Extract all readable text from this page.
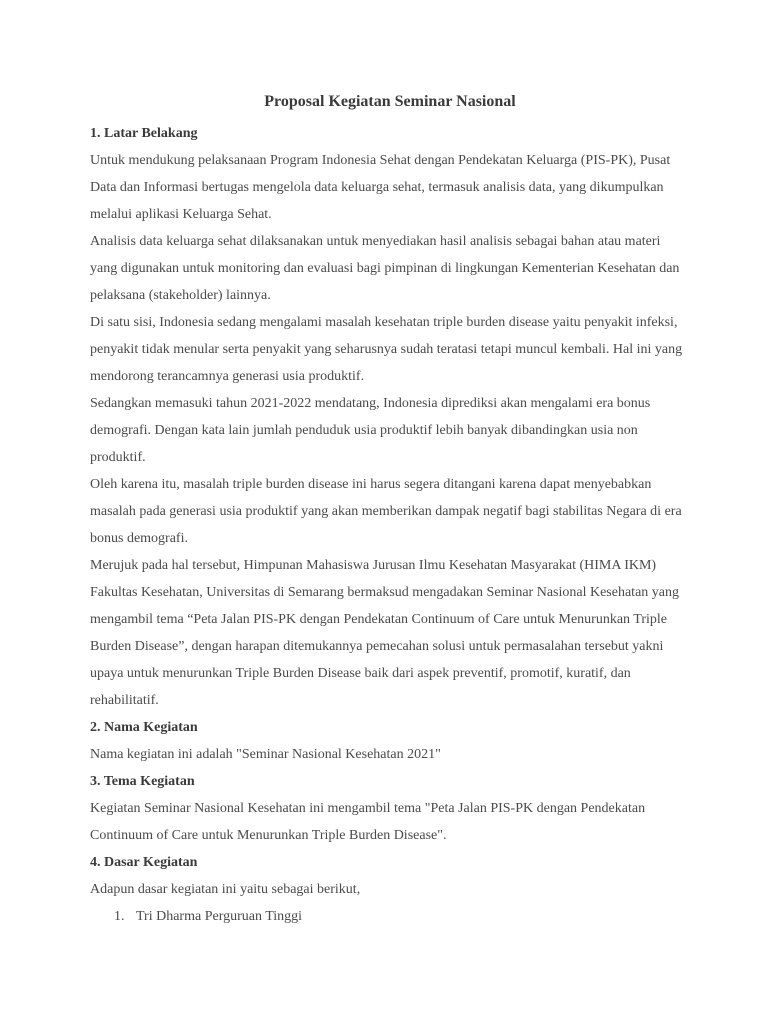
Proposal Kegiatan Seminar Nasional
1. Latar Belakang

Untuk mendukung pelaksanaan Program Indonesia Sehat dengan Pendekatan Keluarga (PIS-PK), Pusat Data dan Informasi bertugas mengelola data keluarga sehat, termasuk analisis data, yang dikumpulkan melalui aplikasi Keluarga Sehat.

Analisis data keluarga sehat dilaksanakan untuk menyediakan hasil analisis sebagai bahan atau materi yang digunakan untuk monitoring dan evaluasi bagi pimpinan di lingkungan Kementerian Kesehatan dan pelaksana (stakeholder) lainnya.

Di satu sisi, Indonesia sedang mengalami masalah kesehatan triple burden disease yaitu penyakit infeksi, penyakit tidak menular serta penyakit yang seharusnya sudah teratasi tetapi muncul kembali. Hal ini yang mendorong terancamnya generasi usia produktif.

Sedangkan memasuki tahun 2021-2022 mendatang, Indonesia diprediksi akan mengalami era bonus demografi. Dengan kata lain jumlah penduduk usia produktif lebih banyak dibandingkan usia non produktif.

Oleh karena itu, masalah triple burden disease ini harus segera ditangani karena dapat menyebabkan masalah pada generasi usia produktif yang akan memberikan dampak negatif bagi stabilitas Negara di era bonus demografi.

Merujuk pada hal tersebut, Himpunan Mahasiswa Jurusan Ilmu Kesehatan Masyarakat (HIMA IKM) Fakultas Kesehatan, Universitas di Semarang bermaksud mengadakan Seminar Nasional Kesehatan yang mengambil tema “Peta Jalan PIS-PK dengan Pendekatan Continuum of Care untuk Menurunkan Triple Burden Disease”, dengan harapan ditemukannya pemecahan solusi untuk permasalahan tersebut yakni upaya untuk menurunkan Triple Burden Disease baik dari aspek preventif, promotif, kuratif, dan rehabilitatif.

2. Nama Kegiatan

Nama kegiatan ini adalah "Seminar Nasional Kesehatan 2021"

3. Tema Kegiatan

Kegiatan Seminar Nasional Kesehatan ini mengambil tema "Peta Jalan PIS-PK dengan Pendekatan Continuum of Care untuk Menurunkan Triple Burden Disease".

4. Dasar Kegiatan

Adapun dasar kegiatan ini yaitu sebagai berikut,

1. Tri Dharma Perguruan Tinggi
